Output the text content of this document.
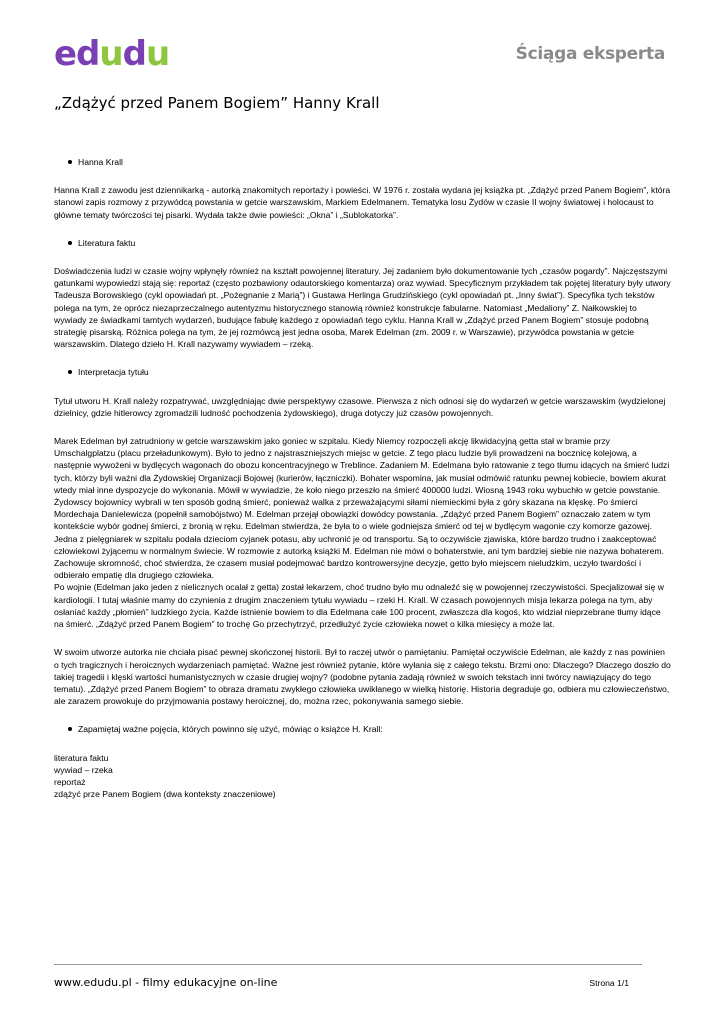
edudu	Ściąga eksperta
„Zdążyć przed Panem Bogiem” Hanny Krall
Hanna Krall

Hanna Krall z zawodu jest dziennikarką - autorką znakomitych reportaży i powieści. W 1976 r. została wydana jej książka pt. „Zdążyć przed Panem Bogiem”, która stanowi zapis rozmowy z przywódcą powstania w getcie warszawskim, Markiem Edelmanem. Tematyka losu Żydów w czasie II wojny światowej i holocaust to główne tematy twórczości tej pisarki. Wydała także dwie powieści: „Okna” i „Sublokatorka”.

Literatura faktu

Doświadczenia ludzi w czasie wojny wpłynęły również na kształt powojennej literatury. Jej zadaniem było dokumentowanie tych „czasów pogardy”. Najczęstszymi gatunkami wypowiedzi stają się: reportaż (często pozbawiony odautorskiego komentarza) oraz wywiad. Specyficznym przykładem tak pojętej literatury były utwory Tadeusza Borowskiego (cykl opowiadań pt. „Pożegnanie z Marią”) i Gustawa Herlinga Grudzińskiego (cykl opowiadań pt. „Inny świat”). Specyfika tych tekstów polega na tym, że oprócz niezaprzeczalnego autentyzmu historycznego stanowią również konstrukcje fabularne. Natomiast „Medaliony” Z. Nałkowskiej to wywiady ze świadkami tamtych wydarzeń, budujące fabułę każdego z opowiadań tego cyklu. Hanna Krall w „Zdążyć przed Panem Bogiem” stosuje podobną strategię pisarską. Różnica polega na tym, że jej rozmówcą jest jedna osoba, Marek Edelman (zm. 2009 r. w Warszawie), przywódca powstania w getcie warszawskim. Dlatego dzieło H. Krall nazywamy wywiadem – rzeką.

Interpretacja tytułu

Tytuł utworu H. Krall należy rozpatrywać, uwzględniając dwie perspektywy czasowe. Pierwsza z nich odnosi się do wydarzeń w getcie warszawskim (wydzielonej dzielnicy, gdzie hitlerowcy zgromadzili ludność pochodzenia żydowskiego), druga dotyczy już czasów powojennych.

Marek Edelman był zatrudniony w getcie warszawskim jako goniec w szpitalu. Kiedy Niemcy rozpoczęli akcję likwidacyjną getta stał w bramie przy Umschalgplatzu (placu przeładunkowym). Było to jedno z najstraszniejszych miejsc w getcie. Z tego placu ludzie byli prowadzeni na bocznicę kolejową, a następnie wywożeni w bydlęcych wagonach do obozu koncentracyjnego w Treblince. Zadaniem M. Edelmana było ratowanie z tego tłumu idących na śmierć ludzi tych, którzy byli ważni dla Żydowskiej Organizacji Bojowej (kurierów, łączniczki). Bohater wspomina, jak musiał odmówić ratunku pewnej kobiecie, bowiem akurat wtedy miał inne dyspozycje do wykonania. Mówił w wywiadzie, że koło niego przeszło na śmierć 400000 ludzi. Wiosną 1943 roku wybuchło w getcie powstanie. Żydowscy bojownicy wybrali w ten sposób godną śmierć, ponieważ walka z przeważającymi siłami niemieckimi była z góry skazana na klęskę. Po śmierci Mordechaja Danielewicza (popełnił samobójstwo) M. Edelman przejął obowiązki dowódcy powstania. „Zdążyć przed Panem Bogiem” oznaczało zatem w tym kontekście wybór godnej śmierci, z bronią w ręku. Edelman stwierdza, że była to o wiele godniejsza śmierć od tej w bydlęcym wagonie czy komorze gazowej. Jedna z pielęgniarek w szpitalu podała dzieciom cyjanek potasu, aby uchronić je od transportu. Są to oczywiście zjawiska, które bardzo trudno i zaakceptować człowiekowi żyjącemu w normalnym świecie. W rozmowie z autorką książki M. Edelman nie mówi o bohaterstwie, ani tym bardziej siebie nie nazywa bohaterem. Zachowuje skromność, choć stwierdza, że czasem musiał podejmować bardzo kontrowersyjne decyzje, getto było miejscem nieludzkim, uczyło twardości i odbierało empatię dla drugiego człowieka.

Po wojnie (Edelman jako jeden z nielicznych ocalał z getta) został lekarzem, choć trudno było mu odnaleźć się w powojennej rzeczywistości. Specjalizował się w kardiologii. I tutaj właśnie mamy do czynienia z drugim znaczeniem tytułu wywiadu – rzeki H. Krall. W czasach powojennych misja lekarza polega na tym, aby osłaniać każdy „płomień” ludzkiego życia. Każde istnienie bowiem to dla Edelmana całe 100 procent, zwłaszcza dla kogoś, kto widział nieprzebrane tłumy idące na śmierć. „Zdążyć przed Panem Bogiem” to trochę Go przechytrzyć, przedłużyć życie człowieka nowet o kilka miesięcy a może lat.

W swoim utworze autorka nie chciała pisać pewnej skończonej historii. Był to raczej utwór o pamiętaniu. Pamiętał oczywiście Edelman, ale każdy z nas powinien o tych tragicznych i heroicznych wydarzeniach pamiętać. Ważne jest również pytanie, które wyłania się z całego tekstu. Brzmi ono: Dlaczego? Dlaczego doszło do takiej tragedii i klęski wartości humanistycznych w czasie drugiej wojny? (podobne pytania zadają również w swoich tekstach inni twórcy nawiązujący do tego tematu). „Zdążyć przed Panem Bogiem” to obraza dramatu zwykłego człowieka uwikłanego w wielką historię. Historia degraduje go, odbiera mu człowieczeństwo, ale zarazem prowokuje do przyjmowania postawy heroicznej, do, można rzec, pokonywania samego siebie.

Zapamiętaj ważne pojęcia, których powinno się użyć, mówiąc o książce H. Krall:

literatura faktu

wywiad – rzeka

reportaż

zdążyć prze Panem Bogiem (dwa konteksty znaczeniowe)

www.edudu.pl - filmy edukacyjne on-line	Strona 1/1
